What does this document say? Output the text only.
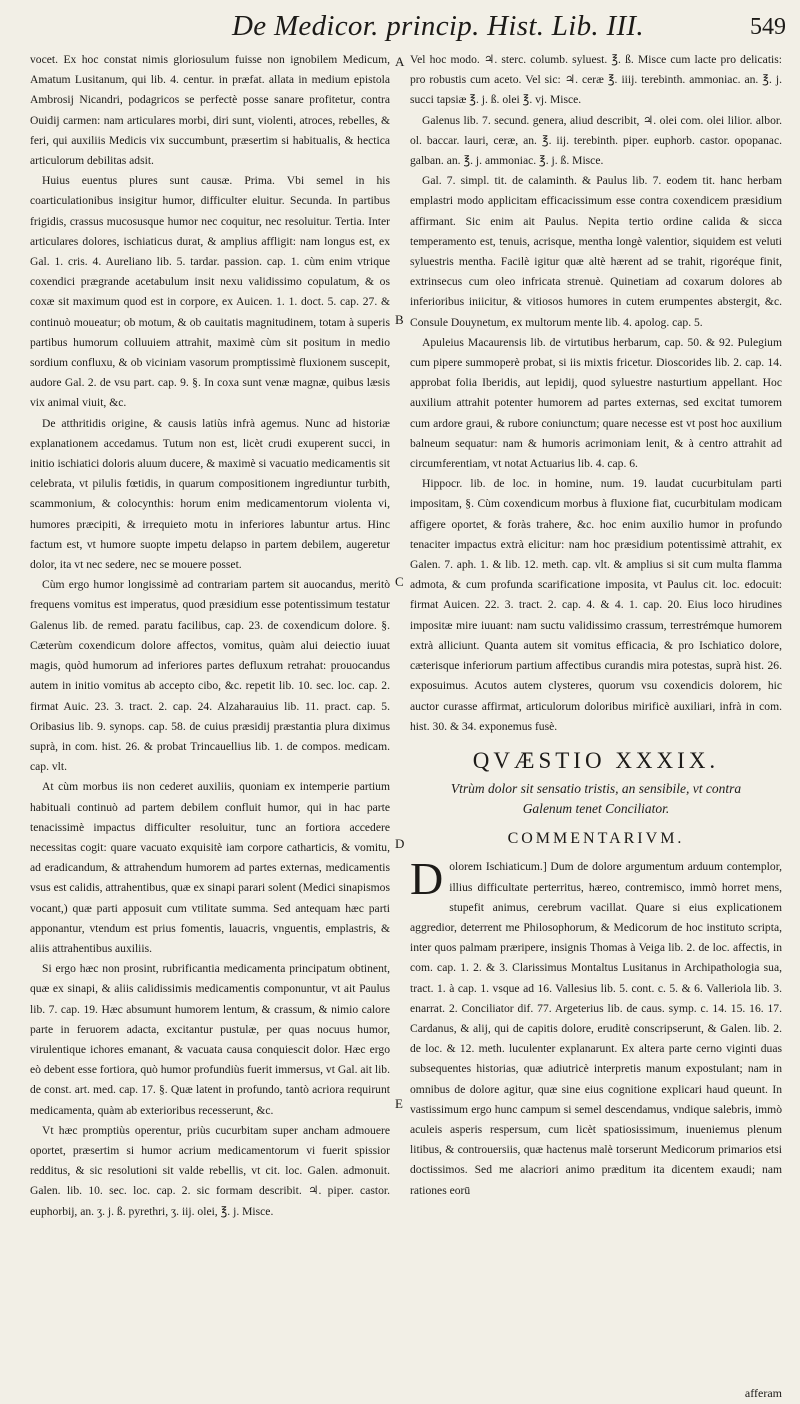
De Medicor. princip. Hist. Lib. III.	549

vocet. Ex hoc constat nimis gloriosulum fuisse non ignobilem Medicum, Amatum Lusitanum, qui lib. 4. centur. in præfat. allata in medium epistola Ambrosij Nicandri, podagricos se perfectè posse sanare profitetur, contra Ouidij carmen: nam articulares morbi, diri sunt, violenti, atroces, rebelles, & feri, qui auxiliis Medicis vix succumbunt, præsertim si habitualis, & hectica articulorum debilitas adsit.

Huius euentus plures sunt causæ. Prima. Vbi semel in his coarticulationibus insigitur humor, difficulter eluitur. Secunda. In partibus frigidis, crassus mucosusque humor nec coquitur, nec resoluitur. Tertia. Inter articulares dolores, ischiaticus durat, & amplius affligit: nam longus est, ex Gal. 1. cris. 4. Aureliano lib. 5. tardar. passion. cap. 1. cùm enim vtrique coxendici prægrande acetabulum insit nexu validissimo copulatum, & os coxæ sit maximum quod est in corpore, ex Auicen. 1. 1. doct. 5. cap. 27. & continuò moueatur; ob motum, & ob cauitatis magnitudinem, totam à superis partibus humorum colluuiem attrahit, maximè cùm sit positum in medio sordium confluxu, & ob viciniam vasorum promptissimè fluxionem suscepit, audore Gal. 2. de vsu part. cap. 9. §. In coxa sunt venæ magnæ, quibus læsis vix animal viuit, &c.

De atthritidis origine, & causis latiùs infrà agemus. Nunc ad historiæ explanationem accedamus. Tutum non est, licèt crudi exuperent succi, in initio ischiatici doloris aluum ducere, & maximè si vacuatio medicamentis sit celebrata, vt pilulis fœtidis, in quarum compositionem ingrediuntur turbith, scammonium, & colocynthis: horum enim medicamentorum violenta vi, humores præcipiti, & irrequieto motu in inferiores labuntur artus. Hinc factum est, vt humore suopte impetu delapso in partem debilem, augeretur dolor, ita vt nec sedere, nec se mouere posset.

Cùm ergo humor longissimè ad contrariam partem sit auocandus, meritò frequens vomitus est imperatus, quod præsidium esse potentissimum testatur Galenus lib. de remed. paratu facilibus, cap. 23. de coxendicum dolore. §. Cæterùm coxendicum dolore affectos, vomitus, quàm alui deiectio iuuat magis, quòd humorum ad inferiores partes defluxum retrahat: prouocandus autem in initio vomitus ab accepto cibo, &c. repetit lib. 10. sec. loc. cap. 2. firmat Auic. 23. 3. tract. 2. cap. 24. Alzaharauius lib. 11. pract. cap. 5. Oribasius lib. 9. synops. cap. 58. de cuius præsidij præstantia plura diximus suprà, in com. hist. 26. & probat Trincauellius lib. 1. de compos. medicam. cap. vlt.

At cùm morbus iis non cederet auxiliis, quoniam ex intemperie partium habituali continuò ad partem debilem confluit humor, qui in hac parte tenacissimè impactus difficulter resoluitur, tunc an fortiora accedere necessitas cogit: quare vacuato exquisitè iam corpore catharticis, & vomitu, ad eradicandum, & attrahendum humorem ad partes externas, medicamentis vsus est calidis, attrahentibus, quæ ex sinapi parari solent (Medici sinapismos vocant,) quæ parti apposuit cum vtilitate summa. Sed antequam hæc parti apponantur, vtendum est prius fomentis, lauacris, vnguentis, emplastris, & aliis attrahentibus auxiliis.

Si ergo hæc non prosint, rubrificantia medicamenta principatum obtinent, quæ ex sinapi, & aliis calidissimis medicamentis componuntur, vt ait Paulus lib. 7. cap. 19. Hæc absumunt humorem lentum, & crassum, & nimio calore parte in feruorem adacta, excitantur pustulæ, per quas nocuus humor, virulentique ichores emanant, & vacuata causa conquiescit dolor. Hæc ergo eò debent esse fortiora, quò humor profundiùs fuerit immersus, vt Gal. ait lib. de const. art. med. cap. 17. §. Quæ latent in profundo, tantò acriora requirunt medicamenta, quàm ab exterioribus recesserunt, &c.

Vt hæc promptiùs operentur, priùs cucurbitam super ancham admouere oportet, præsertim si humor acrium medicamentorum vi fuerit spissior redditus, & sic resolutioni sit valde rebellis, vt cit. loc. Galen. admonuit. Galen. lib. 10. sec. loc. cap. 2. sic formam describit. ♃. piper. castor. euphorbij, an. ʒ. j. ß. pyrethri, ʒ. iij. olei, ℥. j. Misce.

Vel hoc modo. ♃. sterc. columb. syluest. ℥. ß. Misce cum lacte pro delicatis: pro robustis cum aceto. Vel sic: ♃. ceræ ℥. iiij. terebinth. ammoniac. an. ℥. j. succi tapsiæ ℥. j. ß. olei ℥. vj. Misce.

Galenus lib. 7. secund. genera, aliud describit, ♃. olei com. olei lilior. albor. ol. baccar. lauri, ceræ, an. ℥. iij. terebinth. piper. euphorb. castor. opopanac. galban. an. ℥. j. ammoniac. ℥. j. ß. Misce.

Gal. 7. simpl. tit. de calaminth. & Paulus lib. 7. eodem tit. hanc herbam emplastri modo applicitam efficacissimum esse contra coxendicem præsidium affirmant. Sic enim ait Paulus. Nepita tertio ordine calida & sicca temperamento est, tenuis, acrisque, mentha longè valentior, siquidem est veluti syluestris mentha. Facilè igitur quæ altè hærent ad se trahit, rigoréque finit, extrinsecus cum oleo infricata strenuè. Quinetiam ad coxarum dolores ab inferioribus iniicitur, & vitiosos humores in cutem erumpentes abstergit, &c. Consule Douynetum, ex multorum mente lib. 4. apolog. cap. 5.

Apuleius Macaurensis lib. de virtutibus herbarum, cap. 50. & 92. Pulegium cum pipere summoperè probat, si iis mixtis fricetur. Dioscorides lib. 2. cap. 14. approbat folia Iberidis, aut lepidij, quod syluestre nasturtium appellant. Hoc auxilium attrahit potenter humorem ad partes externas, sed excitat tumorem cum ardore graui, & rubore coniunctum; quare necesse est vt post hoc auxilium balneum sequatur: nam & humoris acrimoniam lenit, & à centro attrahit ad circumferentiam, vt notat Actuarius lib. 4. cap. 6.

Hippocr. lib. de loc. in homine, num. 19. laudat cucurbitulam parti impositam, §. Cùm coxendicum morbus à fluxione fiat, cucurbitulam modicam affigere oportet, & foràs trahere, &c. hoc enim auxilio humor in profundo tenaciter impactus extrà elicitur: nam hoc præsidium potentissimè attrahit, ex Galen. 7. aph. 1. & lib. 12. meth. cap. vlt. & amplius si sit cum multa flamma admota, & cum profunda scarificatione imposita, vt Paulus cit. loc. edocuit: firmat Auicen. 22. 3. tract. 2. cap. 4. & 4. 1. cap. 20. Eius loco hirudines impositæ mire iuuant: nam suctu validissimo crassum, terrestrémque humorem extrà alliciunt. Quanta autem sit vomitus efficacia, & pro Ischiatico dolore, cæterisque inferiorum partium affectibus curandis mira potestas, suprà hist. 26. exposuimus. Acutos autem clysteres, quorum vsu coxendicis dolorem, hic auctor curasse affirmat, articulorum doloribus mirificè auxiliari, infrà in com. hist. 30. & 34. exponemus fusè.

QVÆSTIO XXXIX.

Vtrùm dolor sit sensatio tristis, an sensibile, vt contra Galenum tenet Conciliator.

COMMENTARIVM.

Dolorem Ischiaticum.] Dum de dolore argumentum arduum contemplor, illius difficultate perterritus, hæreo, contremisco, immò horret mens, stupefit animus, cerebrum vacillat. Quare si eius explicationem aggredior, deterrent me Philosophorum, & Medicorum de hoc instituto scripta, inter quos palmam præripere, insignis Thomas à Veiga lib. 2. de loc. affectis, in com. cap. 1. 2. & 3. Clarissimus Montaltus Lusitanus in Archipathologia sua, tract. 1. à cap. 1. vsque ad 16. Vallesius lib. 5. cont. c. 5. & 6. Valleriola lib. 3. enarrat. 2. Conciliator dif. 77. Argeterius lib. de caus. symp. c. 14. 15. 16. 17. Cardanus, & alij, qui de capitis dolore, eruditè conscripserunt, & Galen. lib. 2. de loc. & 12. meth. luculenter explanarunt. Ex altera parte cerno viginti duas subsequentes historias, quæ adiutricè interpretis manum expostulant; nam in omnibus de dolore agitur, quæ sine eius cognitione explicari haud queunt. In vastissimum ergo hunc campum si semel descendamus, vndique salebris, immò aculeis asperis respersum, cum licèt spatiosissimum, inueniemus plenum litibus, & controuersiis, quæ hactenus malè torserunt Medicorum primarios etsi doctissimos. Sed me alacriori animo præditum ita dicentem exaudi; nam rationes eorū

A
B
C
D
E
afferam
